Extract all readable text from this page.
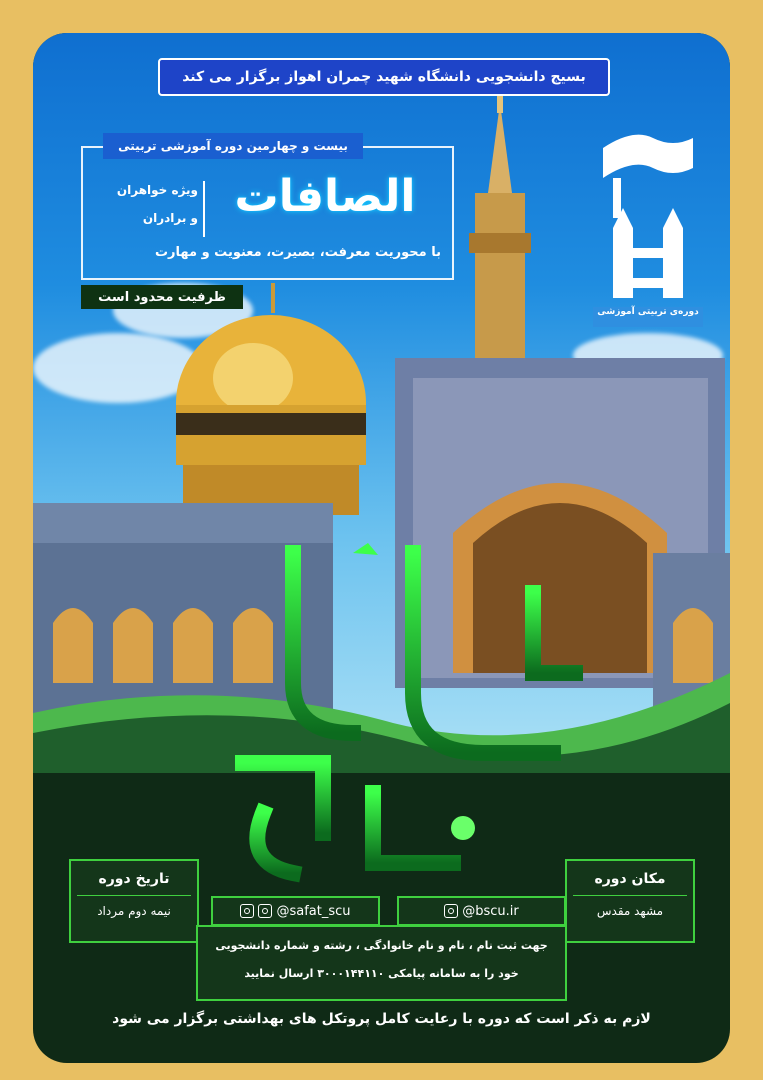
بسیج دانشجویی دانشگاه شهید چمران اهواز برگزار می کند
بیست و چهارمین دوره آموزشی تربیتی
الصافات
ویژه خواهران
و برادران
با محوریت معرفت، بصیرت، معنویت و مهارت
ظرفیت محدود است
دوره‌ی تربیتی آموزشی
تاریخ دوره
نیمه دوم مرداد
مکان دوره
مشهد مقدس
@safat_scu	@bscu.ir
جهت ثبت نام ، نام و نام خانوادگی ، رشته و شماره دانشجویی
خود را به سامانه پیامکی ۳۰۰۰۱۴۴۱۱۰ ارسال نمایید
لازم به ذکر است که دوره با رعایت کامل پروتکل های بهداشتی برگزار می شود
